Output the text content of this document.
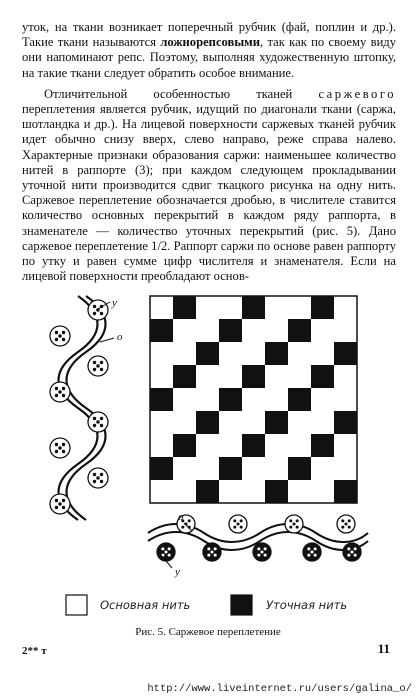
уток, на ткани возникает поперечный рубчик (фай, поплин и др.). Такие ткани называются ложнорепсовыми, так как по своему виду они напоминают репс. Поэтому, выполняя художественную штопку, на такие ткани следует обратить особое внимание.

Отличительной особенностью тканей саржевого переплетения является рубчик, идущий по диагонали ткани (саржа, шотландка и др.). На лицевой поверхности саржевых тканей рубчик идет обычно снизу вверх, слево направо, реже справа налево. Характерные признаки образования саржи: наименьшее количество нитей в раппорте (3); при каждом следующем прокладывании уточной нити производится сдвиг ткацкого рисунка на одну нить. Саржевое переплетение обозначается дробью, в числителе ставится количество основных перекрытий в каждом ряду раппорта, в знаменателе — количество уточных перекрытий (рис. 5). Дано саржевое переплетение 1/2. Раппорт саржи по основе равен раппорту по утку и равен сумме цифр числителя и знаменателя. Если на лицевой поверхности преобладают основ-

у
о
о
у
Основная нить	Уточная нить
Рис. 5. Саржевое переплетение
2** т	11
http://www.liveinternet.ru/users/galina_o/
